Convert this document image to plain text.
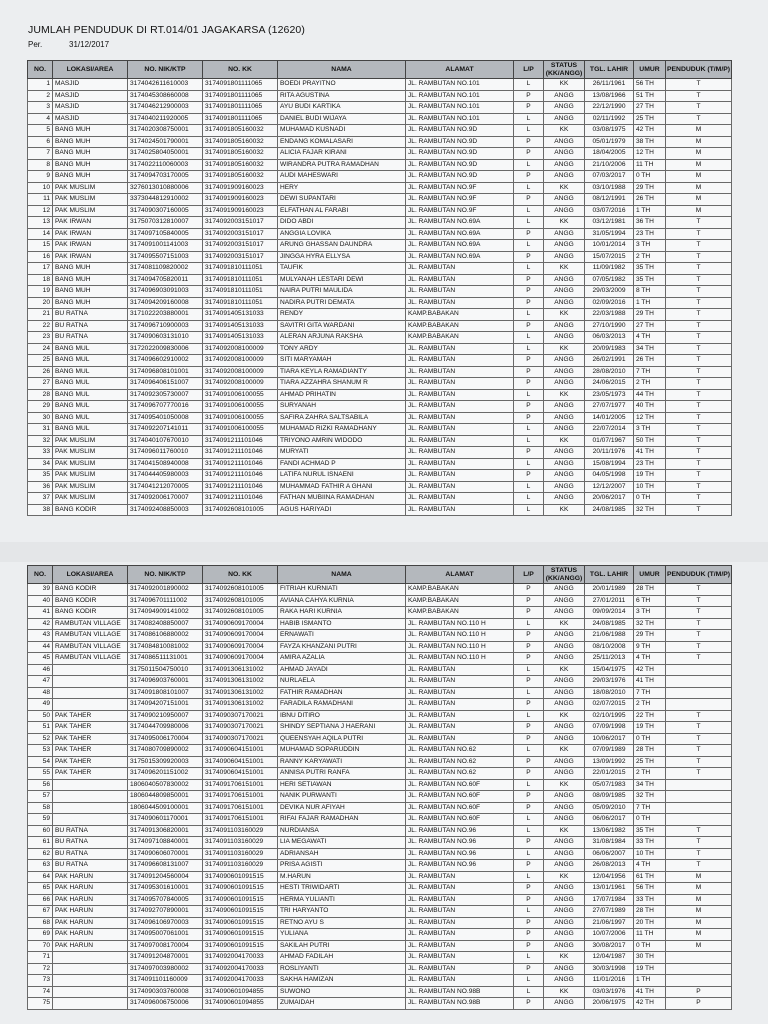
JUMLAH PENDUDUK DI RT.014/01 JAGAKARSA (12620)
Per.	31/12/2017
NO.	LOKASI/AREA	NO. NIK/KTP	NO. KK	NAMA	ALAMAT	L/P	STATUS (KK/ANGG)	TGL. LAHIR	UMUR	PENDUDUK (T/M/P)
1	MASJID	3174042611610003	3174091801111065	BOEDI PRAYITNO	JL. RAMBUTAN NO.101	L	KK	26/11/1961	56 TH	T
2	MASJID	3174045308660008	3174091801111065	RITA AGUSTINA	JL. RAMBUTAN NO.101	P	ANGG	13/08/1966	51 TH	T
3	MASJID	3174046212900003	3174091801111065	AYU BUDI KARTIKA	JL. RAMBUTAN NO.101	P	ANGG	22/12/1990	27 TH	T
4	MASJID	3174040211920005	3174091801111065	DANIEL BUDI WIJAYA	JL. RAMBUTAN NO.101	L	ANGG	02/11/1992	25 TH	T
5	BANG MUH	3174020308750001	3174091805160032	MUHAMAD KUSNADI	JL. RAMBUTAN NO.9D	L	KK	03/08/1975	42 TH	M
6	BANG MUH	3174024501790001	3174091805160032	ENDANG KOMALASARI	JL. RAMBUTAN NO.9D	P	ANGG	05/01/1979	38 TH	M
7	BANG MUH	3174025804050001	3174091805160032	ALICIA FAJAR KIRANI	JL. RAMBUTAN NO.9D	P	ANGG	18/04/2005	12 TH	M
8	BANG MUH	3174022110060003	3174091805160032	WIRANDRA PUTRA RAMADHAN	JL. RAMBUTAN NO.9D	L	ANGG	21/10/2006	11 TH	M
9	BANG MUH	3174094703170005	3174091805160032	AUDI MAHESWARI	JL. RAMBUTAN NO.9D	P	ANGG	07/03/2017	0 TH	M
10	PAK MUSLIM	3276013010880006	3174091909160023	HERY	JL. RAMBUTAN NO.9F	L	KK	03/10/1988	29 TH	M
11	PAK MUSLIM	3373044812910002	3174091909160023	DEWI SUPANTARI	JL. RAMBUTAN NO.9F	P	ANGG	08/12/1991	26 TH	M
12	PAK MUSLIM	3174090307160005	3174091909160023	ELFATHAN AL FARABI	JL. RAMBUTAN NO.9F	L	ANGG	03/07/2016	1 TH	M
13	PAK IRWAN	3175070312810007	3174092003151017	DIDO ABDI	JL. RAMBUTAN NO.69A	L	KK	03/12/1981	36 TH	T
14	PAK IRWAN	3174097105840005	3174092003151017	ANGGIA LOVIKA	JL. RAMBUTAN NO.69A	P	ANGG	31/05/1994	23 TH	T
15	PAK IRWAN	3174091001141003	3174092003151017	ARUNG GHASSAN DAUNDRA	JL. RAMBUTAN NO.69A	L	ANGG	10/01/2014	3 TH	T
16	PAK IRWAN	3174095507151003	3174092003151017	JINGGA HYRA ELLYSA	JL. RAMBUTAN NO.69A	P	ANGG	15/07/2015	2 TH	T
17	BANG MUH	3174081109820002	3174091810111051	TAUFIK	JL. RAMBUTAN	L	KK	11/09/1982	35 TH	T
18	BANG MUH	3174094705820011	3174091810111051	MULYANAH LESTARI DEWI	JL. RAMBUTAN	P	ANGG	07/05/1982	35 TH	T
19	BANG MUH	3174096903091003	3174091810111051	NAIRA PUTRI MAULIDA	JL. RAMBUTAN	P	ANGG	29/03/2009	8 TH	T
20	BANG MUH	3174094209160008	3174091810111051	NADIRA PUTRI DEMATA	JL. RAMBUTAN	P	ANGG	02/09/2016	1 TH	T
21	BU RATNA	3171022203880001	3174091405131033	RENDY	KAMP.BABAKAN	L	KK	22/03/1988	29 TH	T
22	BU RATNA	3174096710900003	3174091405131033	SAVITRI GITA WARDANI	KAMP.BABAKAN	P	ANGG	27/10/1990	27 TH	T
23	BU RATNA	3174090603131010	3174091405131033	ALERAN ARJUNA RAKSHA	KAMP.BABAKAN	L	ANGG	06/03/2013	4 TH	T
24	BANG MUL	3172022009830006	3174092008100009	TONY ARDY	JL. RAMBUTAN	L	KK	20/09/1983	34 TH	T
25	BANG MUL	3174096602910002	3174092008100009	SITI MARYAMAH	JL. RAMBUTAN	P	ANGG	26/02/1991	26 TH	T
26	BANG MUL	3174096808101001	3174092008100009	TIARA KEYLA RAMADIANTY	JL. RAMBUTAN	P	ANGG	28/08/2010	7 TH	T
27	BANG MUL	3174096406151007	3174092008100009	TIARA AZZAHRA SHANUM R	JL. RAMBUTAN	P	ANGG	24/06/2015	2 TH	T
28	BANG MUL	3174092305730007	3174091006100055	AHMAD PRIHATIN	JL. RAMBUTAN	L	KK	23/05/1973	44 TH	T
29	BANG MUL	3174096707770016	3174091006100055	SURYANAH	JL. RAMBUTAN	P	ANGG	27/07/1977	40 TH	T
30	BANG MUL	3174095401050008	3174091006100055	SAFIRA ZAHRA SALTSABILA	JL. RAMBUTAN	P	ANGG	14/01/2005	12 TH	T
31	BANG MUL	3174092207141011	3174091006100055	MUHAMAD RIZKI RAMADHANY	JL. RAMBUTAN	L	ANGG	22/07/2014	3 TH	T
32	PAK MUSLIM	3174040107670010	3174091211101046	TRIYONO AMRIN WIDODO	JL. RAMBUTAN	L	KK	01/07/1967	50 TH	T
33	PAK MUSLIM	3174096011760010	3174091211101046	MURYATI	JL. RAMBUTAN	P	ANGG	20/11/1976	41 TH	T
34	PAK MUSLIM	3174041508940008	3174091211101046	FANDI ACHMAD P	JL. RAMBUTAN	L	ANGG	15/08/1994	23 TH	T
35	PAK MUSLIM	3174044405980003	3174091211101046	LATIFA NURUL ISNAENI	JL. RAMBUTAN	P	ANGG	04/05/1998	19 TH	T
36	PAK MUSLIM	3174041212070005	3174091211101046	MUHAMMAD FATHIR A GHANI	JL. RAMBUTAN	L	ANGG	12/12/2007	10 TH	T
37	PAK MUSLIM	3174092006170007	3174091211101046	FATHAN MUBIINA RAMADHAN	JL. RAMBUTAN	L	ANGG	20/06/2017	0 TH	T
38	BANG KODIR	3174092408850003	3174092608101005	AGUS HARIYADI	JL. RAMBUTAN	L	KK	24/08/1985	32 TH	T
NO.	LOKASI/AREA	NO. NIK/KTP	NO. KK	NAMA	ALAMAT	L/P	STATUS (KK/ANGG)	TGL. LAHIR	UMUR	PENDUDUK (T/M/P)
39	BANG KODIR	3174092001890002	3174092608101005	FITRIAH KURNIATI	KAMP.BABAKAN	P	ANGG	20/01/1989	28 TH	T
40	BANG KODIR	3174096701111002	3174092608101005	AVIANA CAHYA KURNIA	KAMP.BABAKAN	P	ANGG	27/01/2011	6 TH	T
41	BANG KODIR	3174094909141002	3174092608101005	RAKA HARI KURNIA	KAMP.BABAKAN	P	ANGG	09/09/2014	3 TH	T
42	RAMBUTAN VILLAGE	3174082408850007	3174090609170004	HABIB ISMANTO	JL. RAMBUTAN NO.110 H	L	KK	24/08/1985	32 TH	T
43	RAMBUTAN VILLAGE	3174086106880002	3174090609170004	ERNAWATI	JL. RAMBUTAN NO.110 H	P	ANGG	21/06/1988	29 TH	T
44	RAMBUTAN VILLAGE	3174084810081002	3174090609170004	FAYZA KHANZANI PUTRI	JL. RAMBUTAN NO.110 H	P	ANGG	08/10/2008	9 TH	T
45	RAMBUTAN VILLAGE	3174086511131001	3174090609170004	AMIRA AZALIA	JL. RAMBUTAN NO.110 H	P	ANGG	25/11/2013	4 TH	T
46		3175011504750010	3174091306131002	AHMAD JAYADI	JL. RAMBUTAN	L	KK	15/04/1975	42 TH	
47		3174096903760001	3174091306131002	NURLAELA	JL. RAMBUTAN	P	ANGG	29/03/1976	41 TH	
48		3174091808101007	3174091306131002	FATHIR RAMADHAN	JL. RAMBUTAN	L	ANGG	18/08/2010	7 TH	
49		3174094207151001	3174091306131002	FARADILA RAMADHANI	JL. RAMBUTAN	P	ANGG	02/07/2015	2 TH	
50	PAK TAHER	3174090210950007	3174090307170021	IBNU DITIRO	JL. RAMBUTAN	L	KK	02/10/1995	22 TH	T
51	PAK TAHER	3174044709980006	3174090307170021	SHINDY SEPTIANA J HAERANI	JL. RAMBUTAN	P	ANGG	07/09/1998	19 TH	T
52	PAK TAHER	3174095006170004	3174090307170021	QUEENSYAH AQILA PUTRI	JL. RAMBUTAN	P	ANGG	10/06/2017	0 TH	T
53	PAK TAHER	3174080709890002	3174090604151001	MUHAMAD SOPARUDDIN	JL. RAMBUTAN NO.62	L	KK	07/09/1989	28 TH	T
54	PAK TAHER	3175015309920003	3174090604151001	RANNY KARYAWATI	JL. RAMBUTAN NO.62	P	ANGG	13/09/1992	25 TH	T
55	PAK TAHER	3174096201151002	3174090604151001	ANNISA PUTRI RANFA	JL. RAMBUTAN NO.62	P	ANGG	22/01/2015	2 TH	T
56		1806040507830002	3174091706151001	HERI SETIAWAN	JL. RAMBUTAN NO.60F	L	KK	05/07/1983	34 TH	
57		1806044809850001	3174091706151001	NANIK PURWANTI	JL. RAMBUTAN NO.60F	P	ANGG	08/09/1985	32 TH	
58		1806044509100001	3174091706151001	DEVIKA NUR AFIYAH	JL. RAMBUTAN NO.60F	P	ANGG	05/09/2010	7 TH	
59		3174090601170001	3174091706151001	RIFAI FAJAR RAMADHAN	JL. RAMBUTAN NO.60F	L	ANGG	06/06/2017	0 TH	
60	BU RATNA	3174091306820001	3174091103160029	NURDIANSA	JL. RAMBUTAN NO.96	L	KK	13/06/1982	35 TH	T
61	BU RATNA	3174097108840001	3174091103160029	LIA MEGAWATI	JL. RAMBUTAN NO.96	P	ANGG	31/08/1984	33 TH	T
62	BU RATNA	3174090606070001	3174091103160029	ADRIANSAH	JL. RAMBUTAN NO.96	L	ANGG	06/06/2007	10 TH	T
63	BU RATNA	3174096608131007	3174091103160029	PRISA AGISTI	JL. RAMBUTAN NO.96	P	ANGG	26/08/2013	4 TH	T
64	PAK HARUN	3174091204560004	3174090601091515	M.HARUN	JL. RAMBUTAN	L	KK	12/04/1956	61 TH	M
65	PAK HARUN	3174095301610001	3174090601091515	HESTI TRIWIDARTI	JL. RAMBUTAN	P	ANGG	13/01/1961	56 TH	M
66	PAK HARUN	3174095707840005	3174090601091515	HERMA YULIANTI	JL. RAMBUTAN	P	ANGG	17/07/1984	33 TH	M
67	PAK HARUN	3174092707890001	3174090601091515	TRI HARYANTO	JL. RAMBUTAN	L	ANGG	27/07/1989	28 TH	M
68	PAK HARUN	3174096106970003	3174090601091515	RETNO AYU S	JL. RAMBUTAN	P	ANGG	21/06/1997	20 TH	M
69	PAK HARUN	3174095007061001	3174090601091515	YULIANA	JL. RAMBUTAN	P	ANGG	10/07/2006	11 TH	M
70	PAK HARUN	3174097008170004	3174090601091515	SAKILAH PUTRI	JL. RAMBUTAN	P	ANGG	30/08/2017	0 TH	M
71		3174091204870001	3174092004170033	AHMAD FADILAH	JL. RAMBUTAN	L	KK	12/04/1987	30 TH	
72		3174097003980002	3174092004170033	ROSLIYANTI	JL. RAMBUTAN	P	ANGG	30/03/1998	19 TH	
73		3174091101160009	3174092004170033	SAKHA HAMIZAN	JL. RAMBUTAN	L	ANGG	11/01/2016	1 TH	
74		3174090303760008	3174090601094855	SUWONO	JL. RAMBUTAN NO.98B	L	KK	03/03/1976	41 TH	P
75		3174096006750006	3174090601094855	ZUMAIDAH	JL. RAMBUTAN NO.98B	P	ANGG	20/06/1975	42 TH	P
